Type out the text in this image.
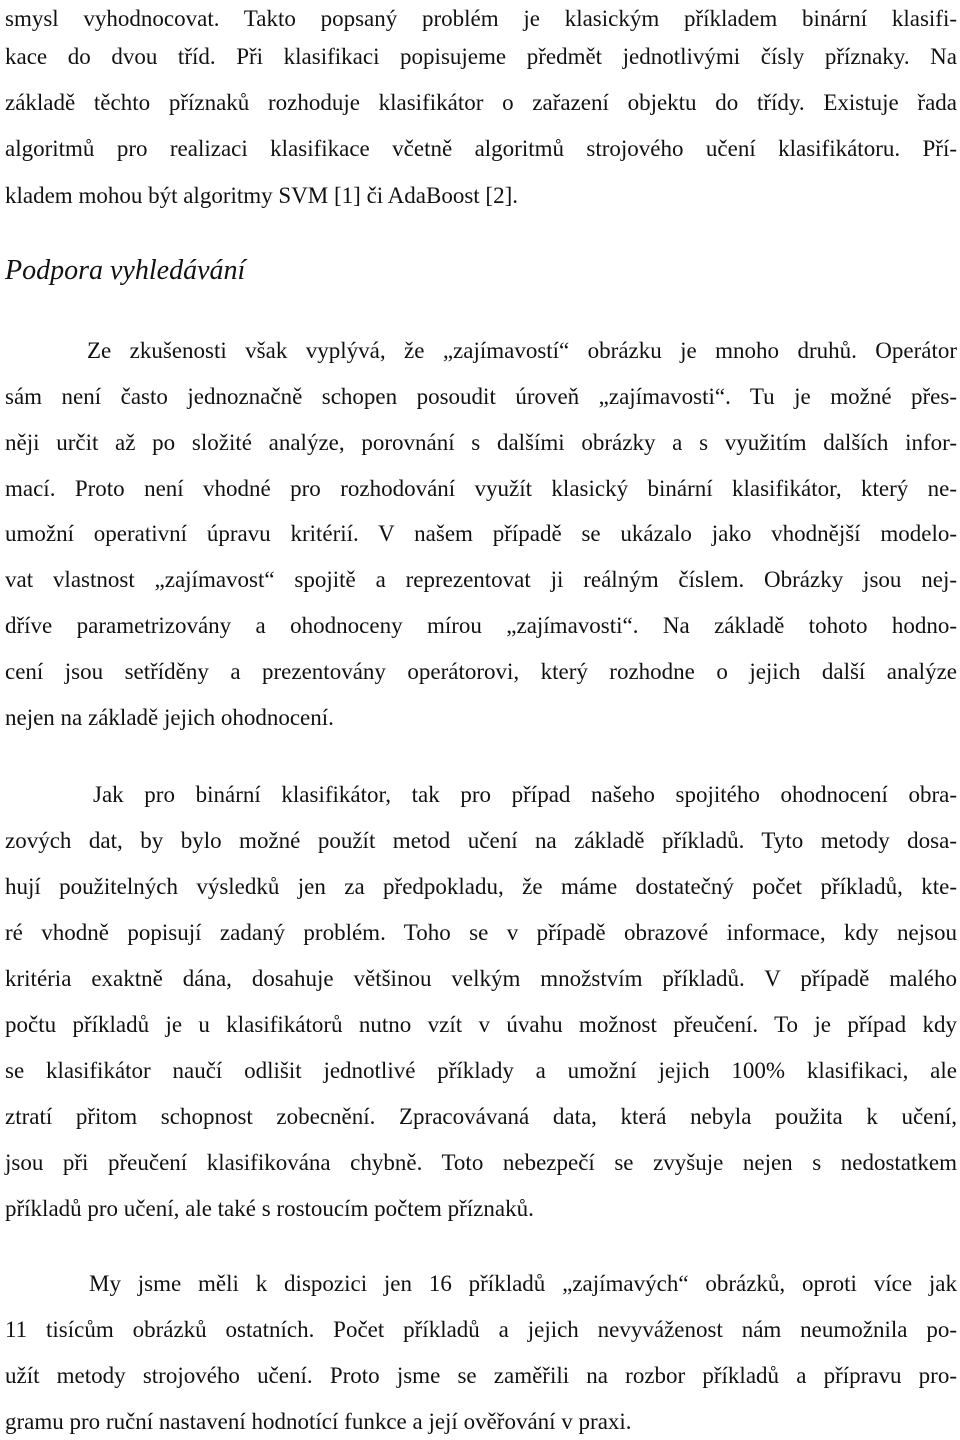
smysl vyhodnocovat. Takto popsaný problém je klasickým příkladem binární klasifi-
kace do dvou tříd. Při klasifikaci popisujeme předmět jednotlivými čísly příznaky. Na
základě těchto příznaků rozhoduje klasifikátor o zařazení objektu do třídy. Existuje řada
algoritmů pro realizaci klasifikace včetně algoritmů strojového učení klasifikátoru. Pří-
kladem mohou být algoritmy SVM [1] či AdaBoost [2].
Podpora vyhledávání
Ze zkušenosti však vyplývá, že „zajímavostí“ obrázku je mnoho druhů. Operátor
sám není často jednoznačně schopen posoudit úroveň „zajímavosti“. Tu je možné přes-
něji určit až po složité analýze, porovnání s dalšími obrázky a s využitím dalších infor-
mací. Proto není vhodné pro rozhodování využít klasický binární klasifikátor, který ne-
umožní operativní úpravu kritérií. V našem případě se ukázalo jako vhodnější modelo-
vat vlastnost „zajímavost“ spojitě a reprezentovat ji reálným číslem. Obrázky jsou nej-
dříve parametrizovány a ohodnoceny mírou „zajímavosti“. Na základě tohoto hodno-
cení jsou setříděny a prezentovány operátorovi, který rozhodne o jejich další analýze
nejen na základě jejich ohodnocení.
Jak pro binární klasifikátor, tak pro případ našeho spojitého ohodnocení obra-
zových dat, by bylo možné použít metod učení na základě příkladů. Tyto metody dosa-
hují použitelných výsledků jen za předpokladu, že máme dostatečný počet příkladů, kte-
ré vhodně popisují zadaný problém. Toho se v případě obrazové informace, kdy nejsou
kritéria exaktně dána, dosahuje většinou velkým množstvím příkladů. V případě malého
počtu příkladů je u klasifikátorů nutno vzít v úvahu možnost přeučení. To je případ kdy
se klasifikátor naučí odlišit jednotlivé příklady a umožní jejich 100% klasifikaci, ale
ztratí přitom schopnost zobecnění. Zpracovávaná data, která nebyla použita k učení,
jsou při přeučení klasifikována chybně. Toto nebezpečí se zvyšuje nejen s nedostatkem
příkladů pro učení, ale také s rostoucím počtem příznaků.
My jsme měli k dispozici jen 16 příkladů „zajímavých“ obrázků, oproti více jak
11 tisícům obrázků ostatních. Počet příkladů a jejich nevyváženost nám neumožnila po-
užít metody strojového učení. Proto jsme se zaměřili na rozbor příkladů a přípravu pro-
gramu pro ruční nastavení hodnotící funkce a její ověřování v praxi.
